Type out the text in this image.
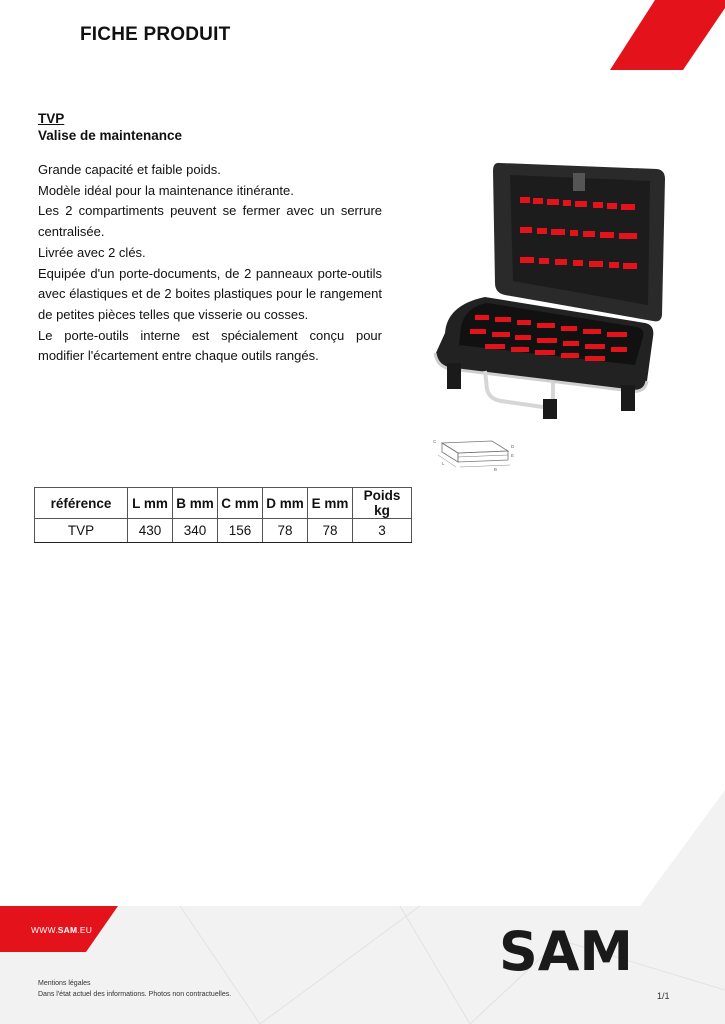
FICHE PRODUIT
TVP
Valise de maintenance

Grande capacité et faible poids.

Modèle idéal pour la maintenance itinérante.

Les 2 compartiments peuvent se fermer avec un serrure centralisée.

Livrée avec 2 clés.

Equipée d'un porte-documents, de 2 panneaux porte-outils avec élastiques et de 2 boites plastiques pour le rangement de petites pièces telles que visserie ou cosses.

Le porte-outils interne est spécialement conçu pour modifier l'écartement entre chaque outils rangés.

C
D
E
L
B
référence	L mm	B mm	C mm	D mm	E mm	Poids kg
TVP	430	340	156	78	78	3
WWW.SAM.EU	SAM
Mentions légales
Dans l'état actuel des informations. Photos non contractuelles.	1/1
